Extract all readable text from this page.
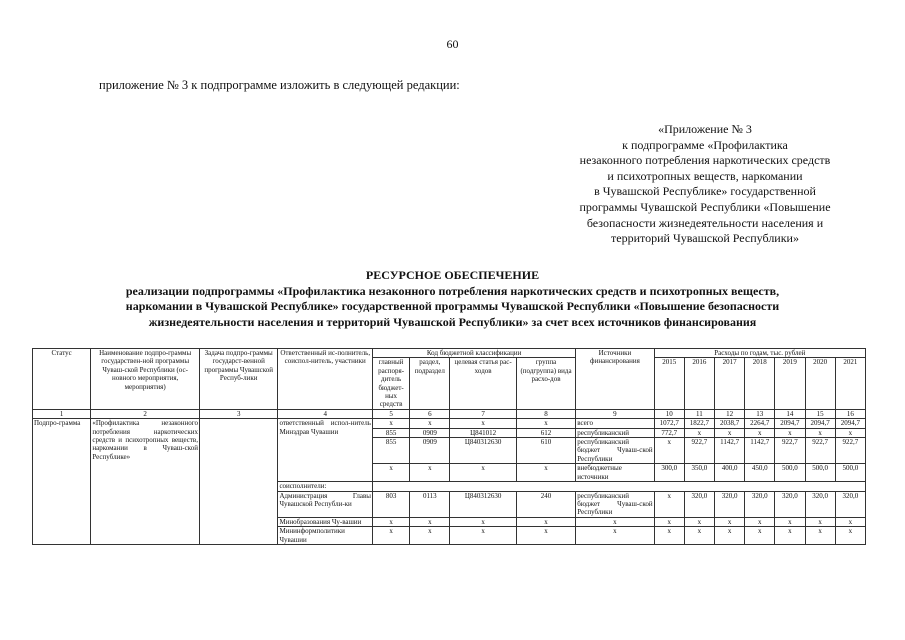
60
приложение № 3 к подпрограмме изложить в следующей редакции:
«Приложение № 3
к подпрограмме «Профилактика
незаконного потребления наркотических средств
и психотропных веществ, наркомании
в Чувашской Республике» государственной
программы Чувашской Республики «Повышение
безопасности жизнедеятельности населения и
территорий Чувашской Республики»
РЕСУРСНОЕ ОБЕСПЕЧЕНИЕ
реализации подпрограммы «Профилактика незаконного потребления наркотических средств и психотропных веществ,
наркомании в Чувашской Республике» государственной программы Чувашской Республики «Повышение безопасности
жизнедеятельности населения и территорий Чувашской Республики» за счет всех источников финансирования
Статус	Наименование подпро-граммы государствен-ной программы Чуваш-ской Республики (ос-новного мероприятия, мероприятия)	Задача подпро-граммы государст-венной программы Чувашской Респуб-лики	Ответственный ис-полнитель, соиспол-нитель, участники	Код бюджетной классификации				Источники финансирования	Расходы по годам, тыс. рублей						
				главный распоря-дитель бюджет-ных средств	раздел, подраздел	целевая статья рас-ходов	группа (подгруппа) вида расхо-дов		2015	2016	2017	2018	2019	2020	2021
1	2	3	4	5	6	7	8	9	10	11	12	13	14	15	16
Подпро-грамма	«Профилактика незаконного потребления наркотических средств и психотропных веществ, наркомании в Чуваш-ской Республике»		ответственный испол-нитель Минздрав Чувашии	х	х	х	х	всего	1072,7	1822,7	2038,7	2264,7	2094,7	2094,7	2094,7
				855	0909	Ц841012	612	республиканский	772,7	х	х	х	х	х	х
				855	0909	Ц840312630	610	республиканский бюджет Чуваш-ской Республики	х	922,7	1142,7	1142,7	922,7	922,7	922,7
				х	х	х	х	внебюджетные источники	300,0	350,0	400,0	450,0	500,0	500,0	500,0
			соисполнители:												
			Администрация Главы Чувашской Республи-ки	803	0113	Ц840312630	240	республиканский бюджет Чуваш-ской Республики	х	320,0	320,0	320,0	320,0	320,0	320,0
			Минобразования Чу-вашии	х	х	х	х	х	х	х	х	х	х	х	х
			Мининформполитики Чувашии	х	х	х	х	х	х	х	х	х	х	х	х
